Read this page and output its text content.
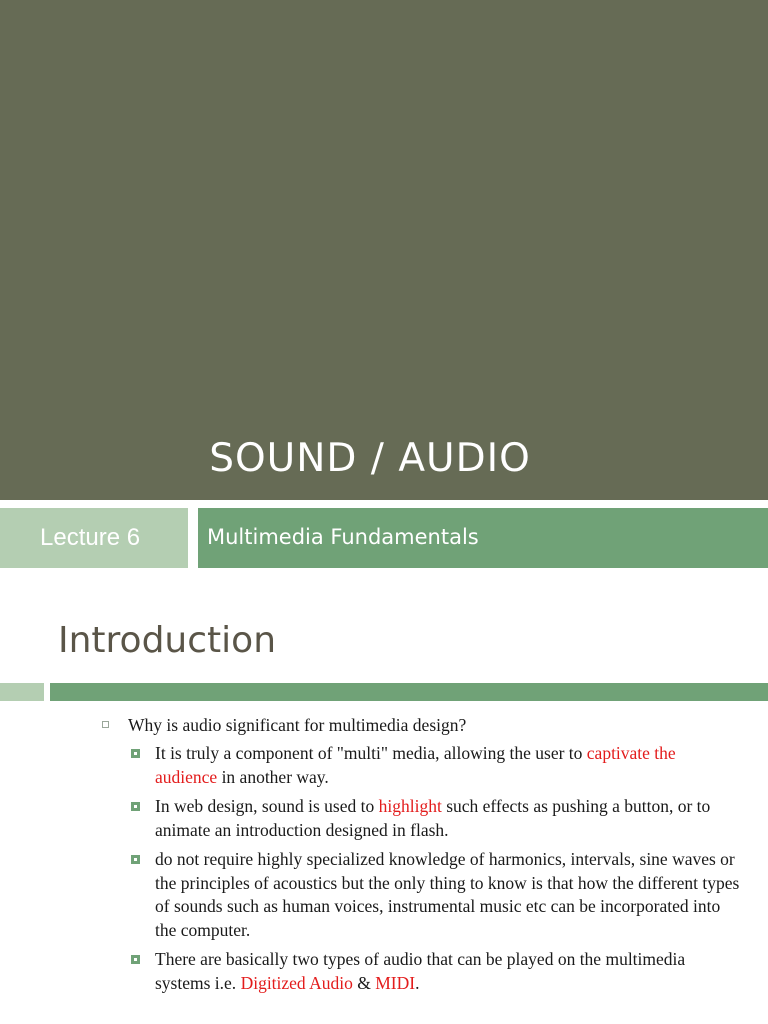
SOUND / AUDIO
Lecture 6	Multimedia Fundamentals
Introduction
Why is audio significant for multimedia design?
It is truly a component of "multi" media, allowing the user to captivate the audience in another way.
In web design, sound is used to highlight such effects as pushing a button, or to animate an introduction designed in flash.
do not require highly specialized knowledge of harmonics, intervals, sine waves or the principles of acoustics but the only thing to know is that how the different types of sounds such as human voices, instrumental music etc can be incorporated into the computer.
There are basically two types of audio that can be played on the multimedia systems i.e. Digitized Audio & MIDI.
